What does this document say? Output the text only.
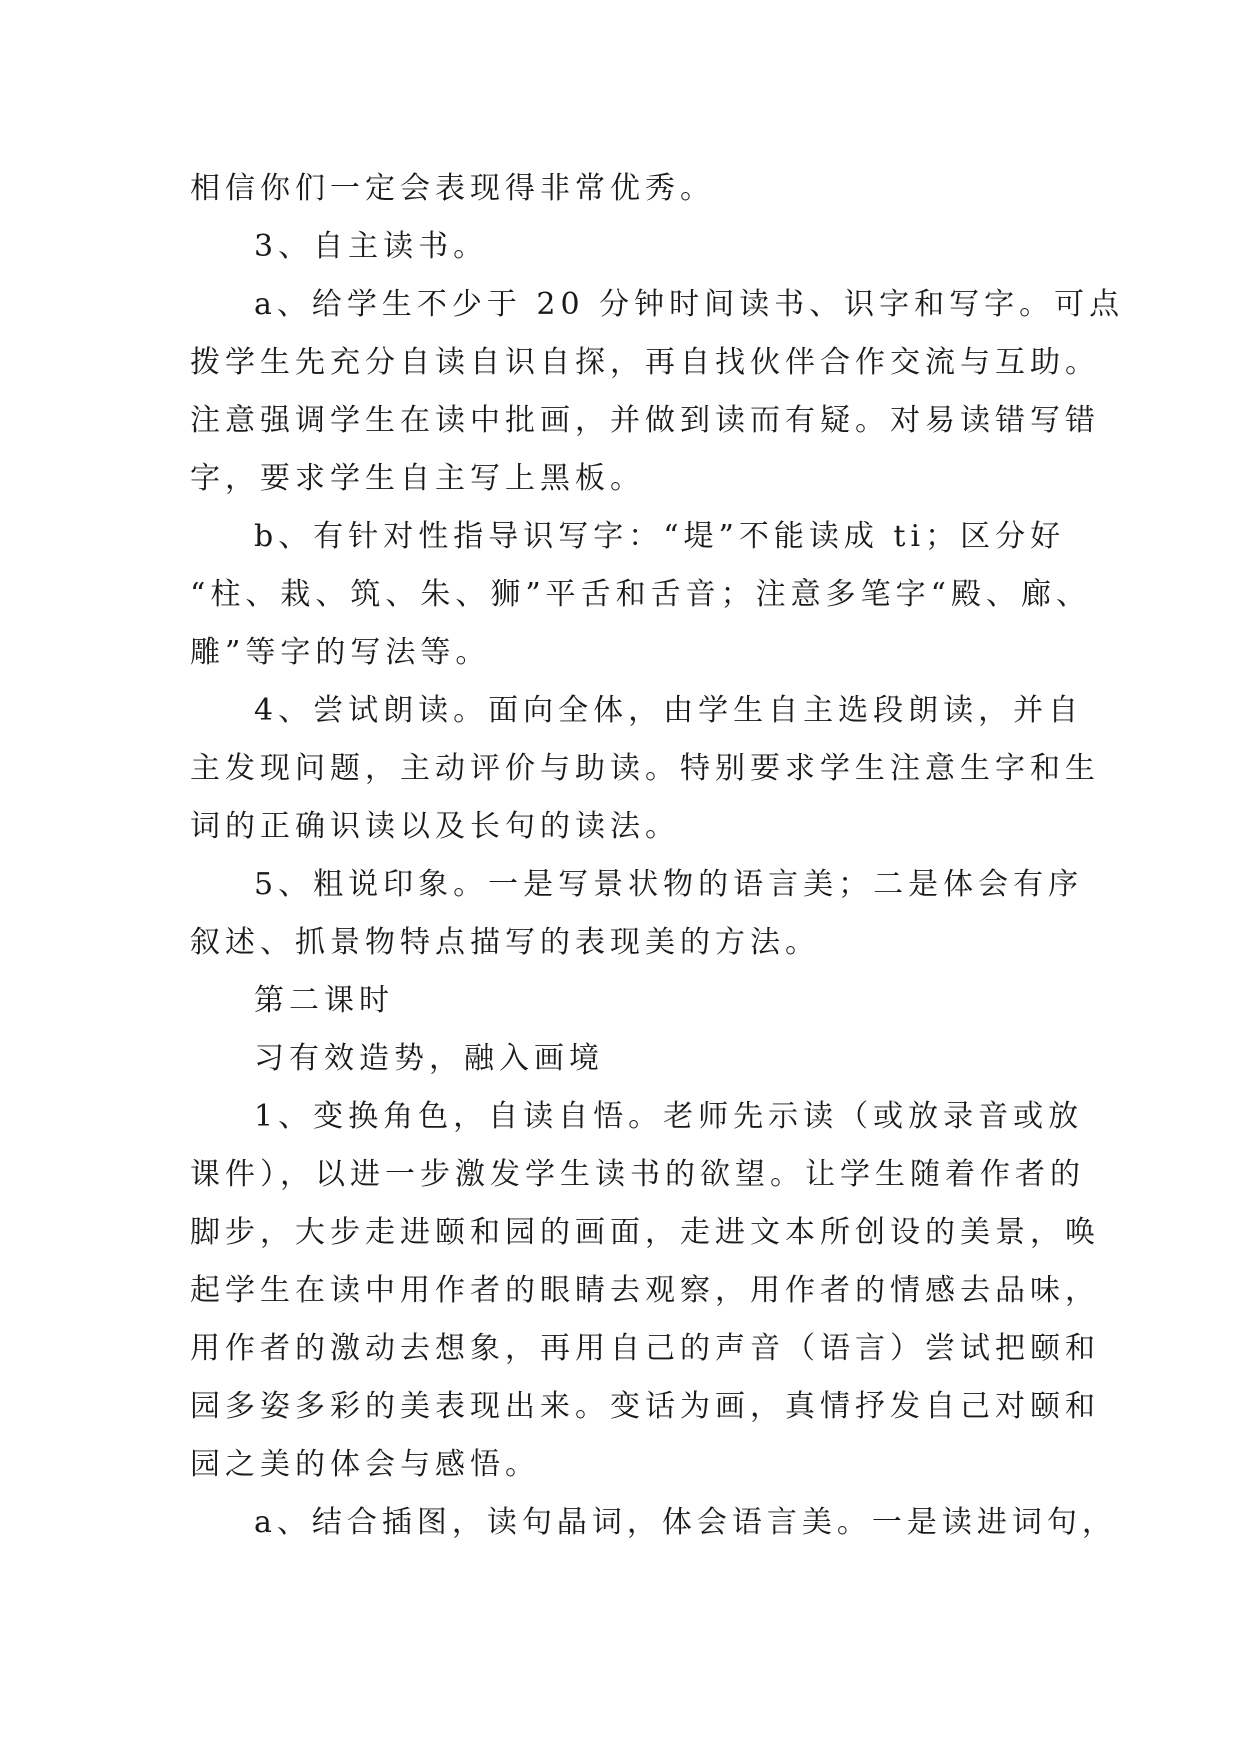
相信你们一定会表现得非常优秀。
3、自主读书。
a、给学生不少于 20 分钟时间读书、识字和写字。可点
拨学生先充分自读自识自探，再自找伙伴合作交流与互助。
注意强调学生在读中批画，并做到读而有疑。对易读错写错
字，要求学生自主写上黑板。
b、有针对性指导识写字：“堤”不能读成 ti；区分好
“柱、栽、筑、朱、狮”平舌和舌音；注意多笔字“殿、廊、
雕”等字的写法等。
4、尝试朗读。面向全体，由学生自主选段朗读，并自
主发现问题，主动评价与助读。特别要求学生注意生字和生
词的正确识读以及长句的读法。
5、粗说印象。一是写景状物的语言美；二是体会有序
叙述、抓景物特点描写的表现美的方法。
第二课时
习有效造势，融入画境
1、变换角色，自读自悟。老师先示读（或放录音或放
课件），以进一步激发学生读书的欲望。让学生随着作者的
脚步，大步走进颐和园的画面，走进文本所创设的美景，唤
起学生在读中用作者的眼睛去观察，用作者的情感去品味，
用作者的激动去想象，再用自己的声音（语言）尝试把颐和
园多姿多彩的美表现出来。变话为画，真情抒发自己对颐和
园之美的体会与感悟。
a、结合插图，读句晶词，体会语言美。一是读进词句，
